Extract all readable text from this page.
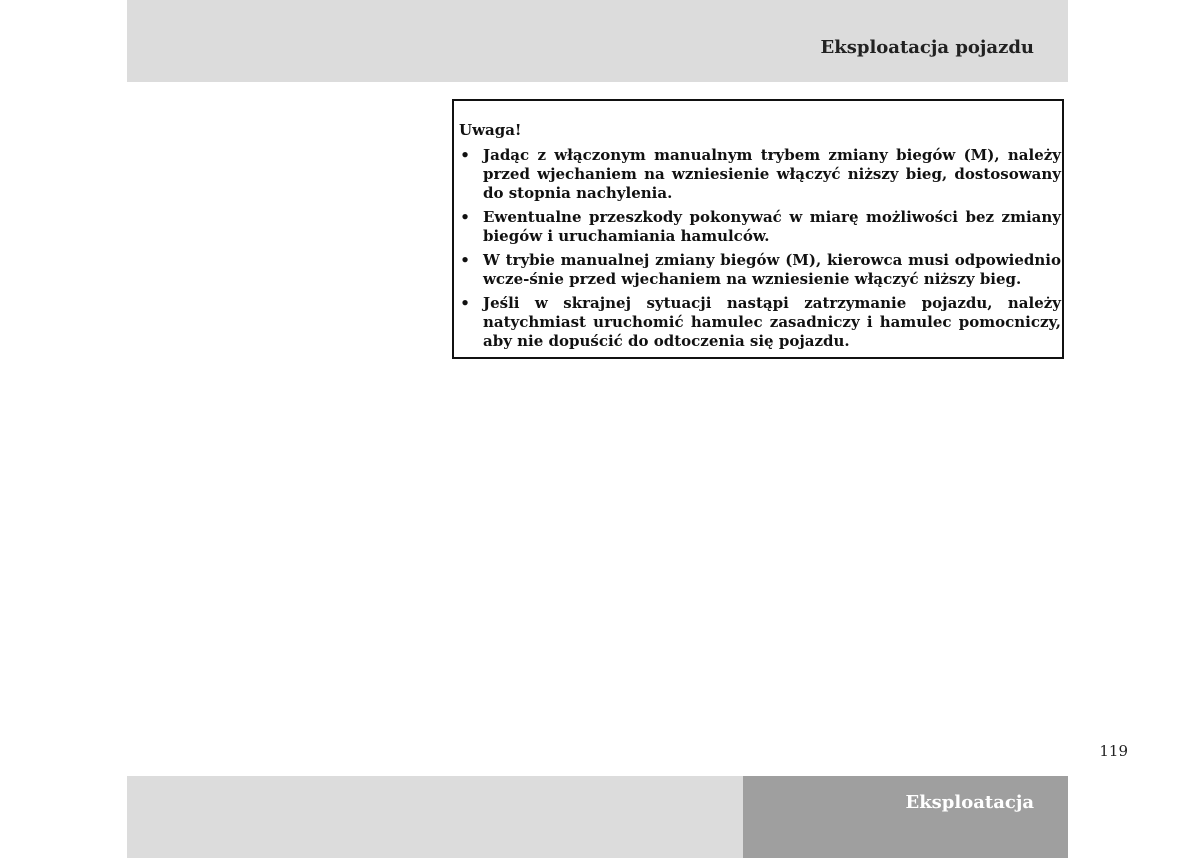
Eksploatacja pojazdu
Uwaga!
• Jadąc z włączonym manualnym trybem zmiany biegów (M), należy przed wjechaniem na wzniesienie włączyć niższy bieg, dostosowany do stopnia nachylenia.
• Ewentualne przeszkody pokonywać w miarę możliwości bez zmiany biegów i uruchamiania hamulców.
• W trybie manualnej zmiany biegów (M), kierowca musi odpowiednio wcze-śnie przed wjechaniem na wzniesienie włączyć niższy bieg.
• Jeśli w skrajnej sytuacji nastąpi zatrzymanie pojazdu, należy natychmiast uruchomić hamulec zasadniczy i hamulec pomocniczy, aby nie dopuścić do odtoczenia się pojazdu.
119
Eksploatacja
